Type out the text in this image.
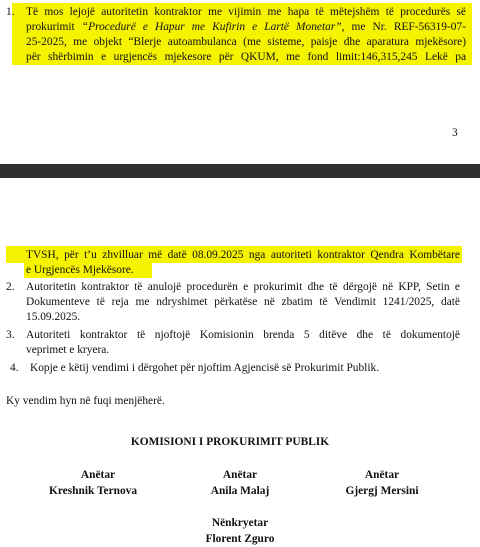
1. Të mos lejojë autoritetin kontraktor me vijimin me hapa të mëtejshëm të procedurës së
prokurimit “Procedurë e Hapur me Kufirin e Lartë Monetar”, me Nr. REF-56319-07-
25-2025, me objekt “Blerje autoambulanca (me sisteme, paisje dhe aparatura mjekësore)
për shërbimin e urgjencës mjekesore për QKUM, me fond limit:146,315,245 Lekë pa
3
TVSH, për t’u zhvilluar më datë 08.09.2025 nga autoriteti kontraktor Qendra Kombëtare
e Urgjencës Mjekësore.
2. Autoritetin kontraktor të anulojë procedurën e prokurimit dhe të dërgojë në KPP, Setin e
Dokumenteve të reja me ndryshimet përkatëse në zbatim të Vendimit 1241/2025, datë
15.09.2025.
3. Autoriteti kontraktor të njoftojë Komisionin brenda 5 ditëve dhe të dokumentojë
veprimet e kryera.
4. Kopje e këtij vendimi i dërgohet për njoftim Agjencisë së Prokurimit Publik.
Ky vendim hyn në fuqi menjëherë.
KOMISIONI I PROKURIMIT PUBLIK
Anëtar
Kreshnik Ternova
Anëtar
Anila Malaj
Anëtar
Gjergj Mersini
Nënkryetar
Florent Zguro
